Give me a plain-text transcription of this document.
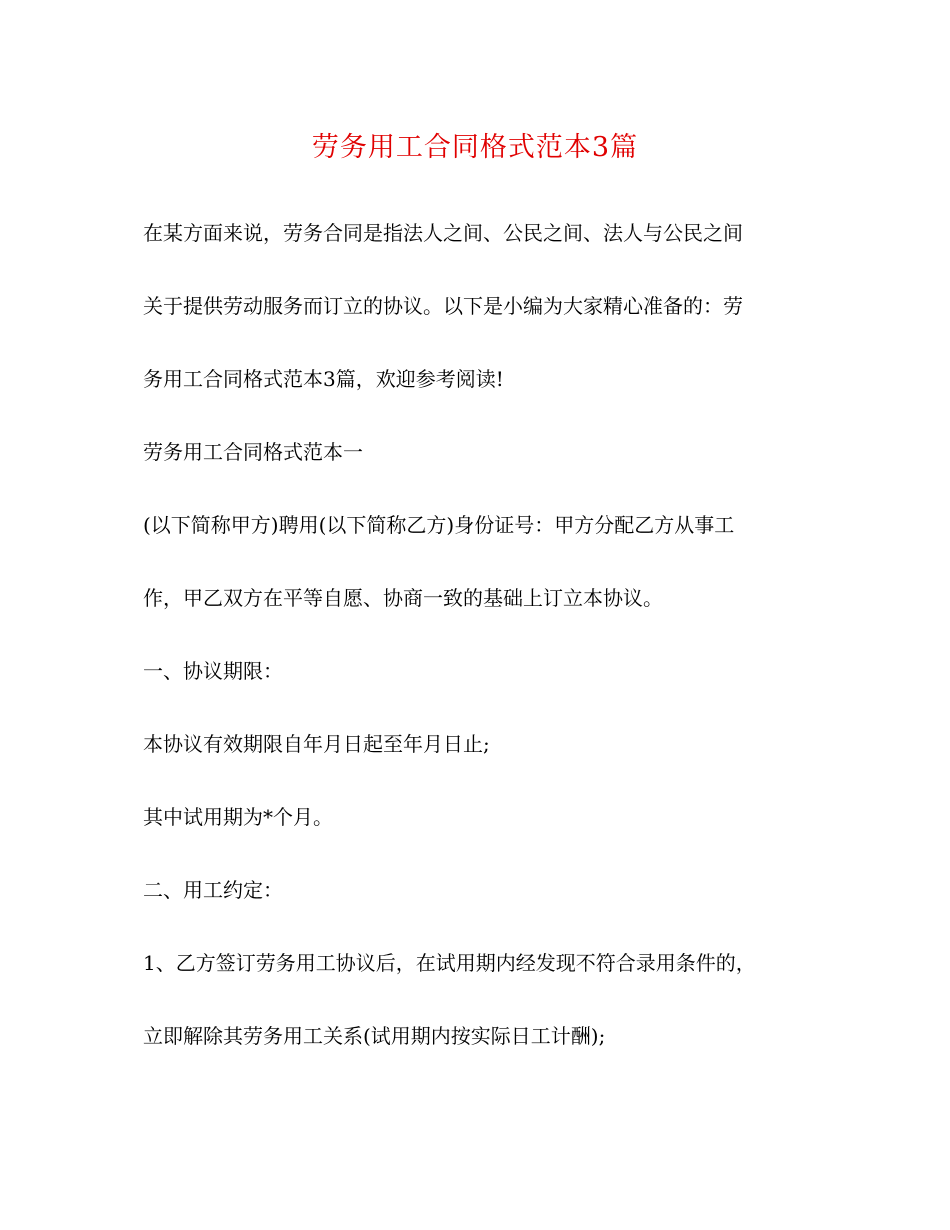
劳务用工合同格式范本3篇
在某方面来说，劳务合同是指法人之间、公民之间、法人与公民之间
关于提供劳动服务而订立的协议。以下是小编为大家精心准备的：劳
务用工合同格式范本3篇，欢迎参考阅读!
劳务用工合同格式范本一
(以下简称甲方)聘用(以下简称乙方)身份证号：甲方分配乙方从事工
作，甲乙双方在平等自愿、协商一致的基础上订立本协议。
一、协议期限：
本协议有效期限自年月日起至年月日止;
其中试用期为*个月。
二、用工约定：
1、乙方签订劳务用工协议后，在试用期内经发现不符合录用条件的，
立即解除其劳务用工关系(试用期内按实际日工计酬);
